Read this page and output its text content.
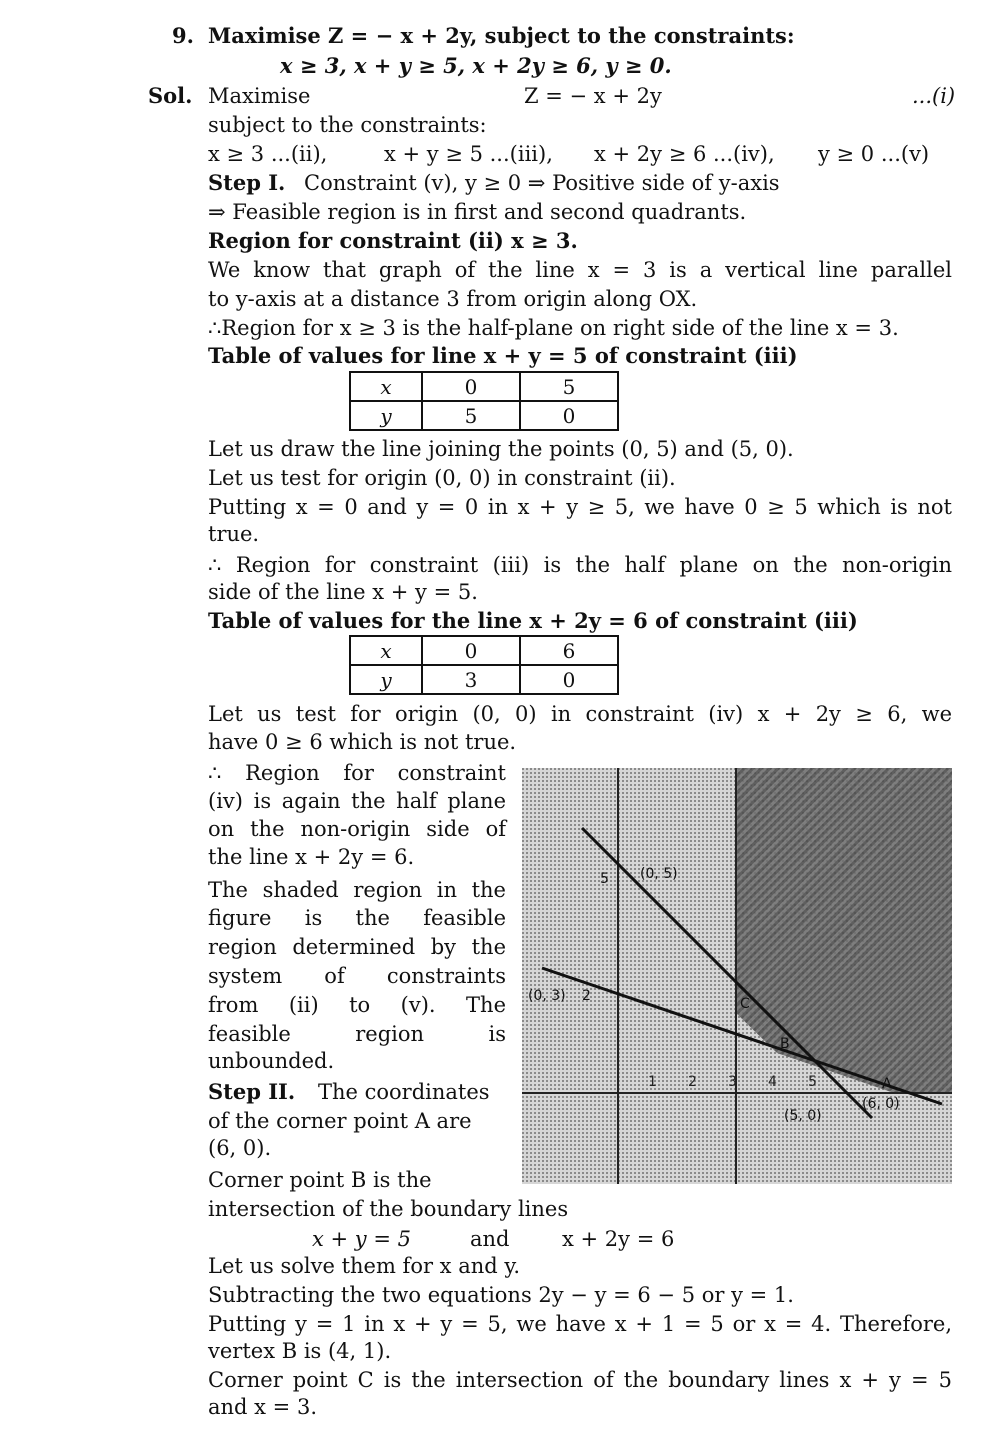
9. Maximise Z = − x + 2y, subject to the constraints:
x ≥ 3, x + y ≥ 5, x + 2y ≥ 6, y ≥ 0.
Sol. Maximise	Z = − x + 2y	...(i)
subject to the constraints:
x ≥ 3 ...(ii),	x + y ≥ 5 ...(iii), x + 2y ≥ 6 ...(iv), y ≥ 0 ...(v)
Step I. Constraint (v), y ≥ 0 ⇒ Positive side of y-axis
⇒ Feasible region is in first and second quadrants.
Region for constraint (ii) x ≥ 3.
We know that graph of the line x = 3 is a vertical line parallel
to y-axis at a distance 3 from origin along OX.
∴Region for x ≥ 3 is the half-plane on right side of the line x = 3.
Table of values for line x + y = 5 of constraint (iii)
x	0	5
y	5	0
Let us draw the line joining the points (0, 5) and (5, 0).
Let us test for origin (0, 0) in constraint (ii).
Putting x = 0 and y = 0 in x + y ≥ 5, we have 0 ≥ 5 which is not
true.
∴ Region for constraint (iii) is the half plane on the non-origin
side of the line x + y = 5.
Table of values for the line x + 2y = 6 of constraint (iii)
x	0	6
y	3	0
Let us test for origin (0, 0) in constraint (iv) x + 2y ≥ 6, we
have 0 ≥ 6 which is not true.
∴ Region for constraint
(iv) is again the half plane
on the non-origin side of
the line x + 2y = 6.
The shaded region in the
figure is the feasible
region determined by the
system of constraints
from (ii) to (v). The
feasible region is
unbounded.
Step II. The coordinates
of the corner point A are
(6, 0).
Corner point B is the
intersection of the boundary lines
x + y = 5	and	x + 2y = 6
Let us solve them for x and y.
Subtracting the two equations 2y − y = 6 − 5 or y = 1.
Putting y = 1 in x + y = 5, we have x + 1 = 5 or x = 4. Therefore,
vertex B is (4, 1).
Corner point C is the intersection of the boundary lines x + y = 5
and x = 3.
1 2 3 4 5
5 (0, 5)
(0, 3) 2
(5, 0)
(6, 0)
A
B
C
